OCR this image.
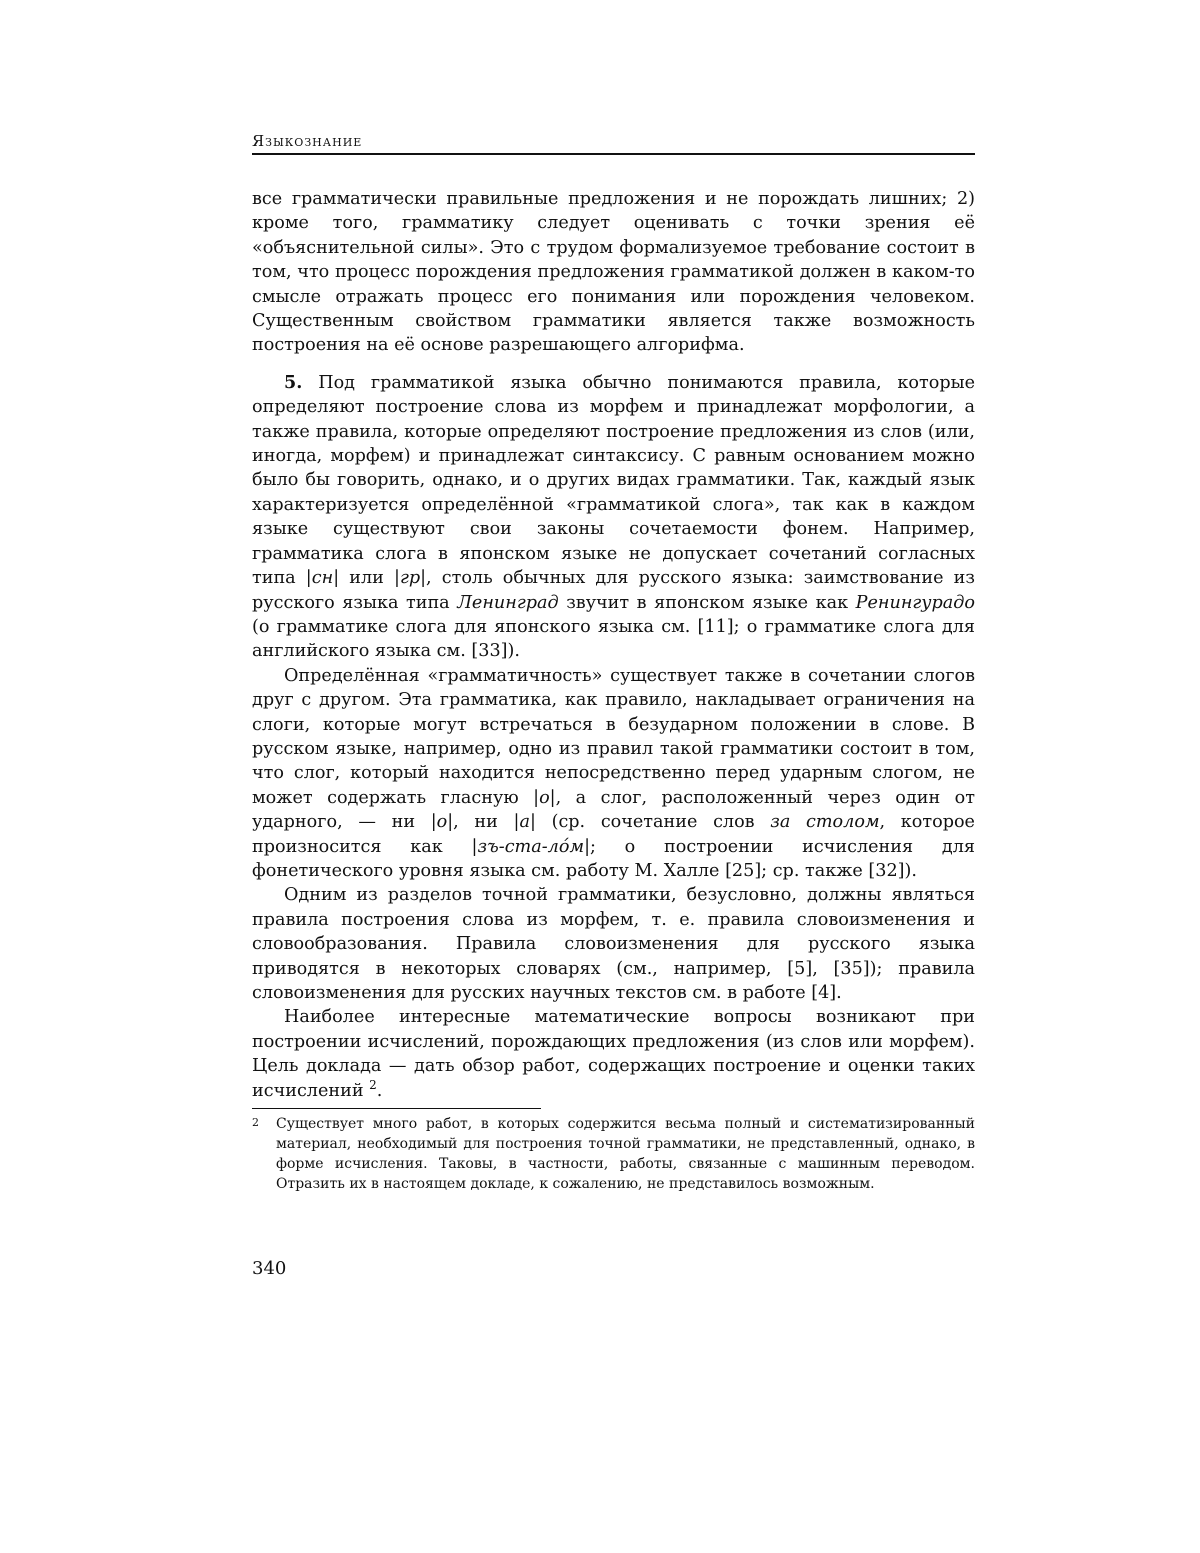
Языкознание

все грамматически правильные предложения и не порождать лишних; 2) кроме того, грамматику следует оценивать с точки зрения её «объяснительной силы». Это с трудом формализуемое требование состоит в том, что процесс порождения предложения грамматикой должен в каком-то смысле отражать процесс его понимания или порождения человеком. Существенным свойством грамматики является также возможность построения на её основе разрешающего алгорифма.

5. Под грамматикой языка обычно понимаются правила, которые определяют построение слова из морфем и принадлежат морфологии, а также правила, которые определяют построение предложения из слов (или, иногда, морфем) и принадлежат синтаксису. С равным основанием можно было бы говорить, однако, и о других видах грамматики. Так, каждый язык характеризуется определённой «грамматикой слога», так как в каждом языке существуют свои законы сочетаемости фонем. Например, грамматика слога в японском языке не допускает сочетаний согласных типа |сн| или |гр|, столь обычных для русского языка: заимствование из русского языка типа Ленинград звучит в японском языке как Ренингурадо (о грамматике слога для японского языка см. [11]; о грамматике слога для английского языка см. [33]).

Определённая «грамматичность» существует также в сочетании слогов друг с другом. Эта грамматика, как правило, накладывает ограничения на слоги, которые могут встречаться в безударном положении в слове. В русском языке, например, одно из правил такой грамматики состоит в том, что слог, который находится непосредственно перед ударным слогом, не может содержать гласную |о|, а слог, расположенный через один от ударного, — ни |о|, ни |а| (ср. сочетание слов за столом, которое произносится как |зъ-ста-ло́м|; о построении исчисления для фонетического уровня языка см. работу М. Халле [25]; ср. также [32]).

Одним из разделов точной грамматики, безусловно, должны являться правила построения слова из морфем, т. е. правила словоизменения и словообразования. Правила словоизменения для русского языка приводятся в некоторых словарях (см., например, [5], [35]); правила словоизменения для русских научных текстов см. в работе [4].

Наиболее интересные математические вопросы возникают при построении исчислений, порождающих предложения (из слов или морфем). Цель доклада — дать обзор работ, содержащих построение и оценки таких исчислений $^2$.

2	Существует много работ, в которых содержится весьма полный и систематизированный материал, необходимый для построения точной грамматики, не представленный, однако, в форме исчисления. Таковы, в частности, работы, связанные с машинным переводом. Отразить их в настоящем докладе, к сожалению, не представилось возможным.
340
